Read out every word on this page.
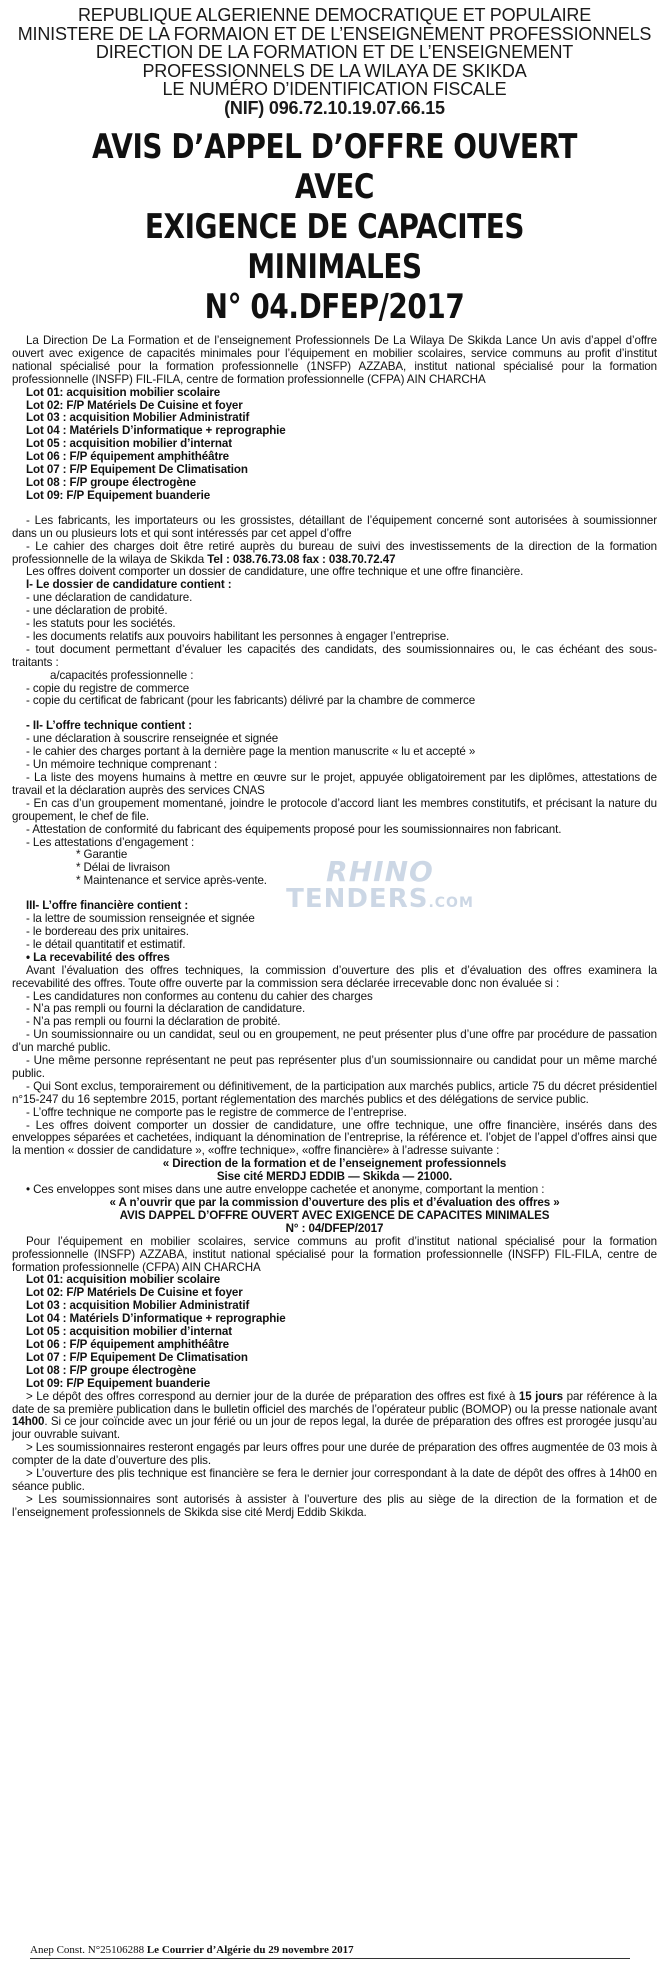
REPUBLIQUE ALGERIENNE DEMOCRATIQUE ET POPULAIRE
MINISTERE DE LA FORMAION ET DE L’ENSEIGNEMENT PROFESSIONNELS
DIRECTION DE LA FORMATION ET DE L’ENSEIGNEMENT
PROFESSIONNELS DE LA WILAYA DE SKIKDA
LE NUMÉRO D’IDENTIFICATION FISCALE
(NIF) 096.72.10.19.07.66.15
AVIS D’APPEL D’OFFRE OUVERT AVEC
EXIGENCE DE CAPACITES MINIMALES
N° 04.DFEP/2017

La Direction De La Formation et de l’enseignement Professionnels De La Wilaya De Skikda Lance Un avis d’appel d’offre ouvert avec exigence de capacités minimales pour l’équipement en mobilier scolaires, service communs au profit d’institut national spécialisé pour la formation professionnelle (1NSFP) AZZABA, institut national spécialisé pour la formation professionnelle (INSFP) FIL-FILA, centre de formation professionnelle (CFPA) AIN CHARCHA

Lot 01: acquisition mobilier scolaire
Lot 02: F/P Matériels De Cuisine et foyer
Lot 03 : acquisition Mobilier Administratif
Lot 04 : Matériels D’informatique + reprographie
Lot 05 : acquisition mobilier d’internat
Lot 06 : F/P équipement amphithéâtre
Lot 07 : F/P Equipement De Climatisation
Lot 08 : F/P groupe électrogène
Lot 09: F/P Equipement buanderie

- Les fabricants, les importateurs ou les grossistes, détaillant de l’équipement concerné sont autorisées à soumissionner dans un ou plusieurs lots et qui sont intéressés par cet appel d’offre

- Le cahier des charges doit être retiré auprès du bureau de suivi des investissements de la direction de la formation professionnelle de la wilaya de Skikda Tel : 038.76.73.08 fax : 038.70.72.47

Les offres doivent comporter un dossier de candidature, une offre technique et une offre financière.

I- Le dossier de candidature contient :

- une déclaration de candidature.

- une déclaration de probité.

- les statuts pour les sociétés.

- les documents relatifs aux pouvoirs habilitant les personnes à engager l’entreprise.

- tout document permettant d’évaluer les capacités des candidats, des soumissionnaires ou, le cas échéant des sous-traitants :

a/capacités professionnelle :

- copie du registre de commerce

- copie du certificat de fabricant (pour les fabricants) délivré par la chambre de commerce

- II- L’offre technique contient :

- une déclaration à souscrire renseignée et signée

- le cahier des charges portant à la dernière page la mention manuscrite « lu et accepté »

- Un mémoire technique comprenant :

- La liste des moyens humains à mettre en œuvre sur le projet, appuyée obligatoirement par les diplômes, attestations de travail et la déclaration auprès des services CNAS

- En cas d’un groupement momentané, joindre le protocole d’accord liant les membres constitutifs, et précisant la nature du groupement, le chef de file.

- Attestation de conformité du fabricant des équipements proposé pour les soumissionnaires non fabricant.

- Les attestations d’engagement :

* Garantie

* Délai de livraison

* Maintenance et service après-vente.

III- L’offre financière contient :

- la lettre de soumission renseignée et signée

- le bordereau des prix unitaires.

- le détail quantitatif et estimatif.

• La recevabilité des offres

Avant l’évaluation des offres techniques, la commission d’ouverture des plis et d’évaluation des offres examinera la recevabilité des offres. Toute offre ouverte par la commission sera déclarée irrecevable donc non évaluée si :

- Les candidatures non conformes au contenu du cahier des charges

- N’a pas rempli ou fourni la déclaration de candidature.

- N’a pas rempli ou fourni la déclaration de probité.

- Un soumissionnaire ou un candidat, seul ou en groupement, ne peut présenter plus d’une offre par procédure de passation d’un marché public.

- Une même personne représentant ne peut pas représenter plus d’un soumissionnaire ou candidat pour un même marché public.

- Qui Sont exclus, temporairement ou définitivement, de la participation aux marchés publics, article 75 du décret présidentiel n°15-247 du 16 septembre 2015, portant réglementation des marchés publics et des délégations de service public.

- L’offre technique ne comporte pas le registre de commerce de l’entreprise.

- Les offres doivent comporter un dossier de candidature, une offre technique, une offre financière, insérés dans des enveloppes séparées et cachetées, indiquant la dénomination de l’entreprise, la référence et. l’objet de l’appel d’offres ainsi que la mention « dossier de candidature », «offre technique», «offre financière» à l’adresse suivante :

« Direction de la formation et de l’enseignement professionnels

Sise cité MERDJ EDDIB — Skikda — 21000.

• Ces enveloppes sont mises dans une autre enveloppe cachetée et anonyme, comportant la mention :

« A n’ouvrir que par la commission d’ouverture des plis et d’évaluation des offres »

AVIS DAPPEL D’OFFRE OUVERT AVEC EXIGENCE DE CAPACITES MINIMALES

N° : 04/DFEP/2017

Pour l’équipement en mobilier scolaires, service communs au profit d’institut national spécialisé pour la formation professionnelle (INSFP) AZZABA, institut national spécialisé pour la formation professionnelle (INSFP) FIL-FILA, centre de formation professionnelle (CFPA) AIN CHARCHA

Lot 01: acquisition mobilier scolaire
Lot 02: F/P Matériels De Cuisine et foyer
Lot 03 : acquisition Mobilier Administratif
Lot 04 : Matériels D’informatique + reprographie
Lot 05 : acquisition mobilier d’internat
Lot 06 : F/P équipement amphithéâtre
Lot 07 : F/P Equipement De Climatisation
Lot 08 : F/P groupe électrogène
Lot 09: F/P Equipement buanderie

> Le dépôt des offres correspond au dernier jour de la durée de préparation des offres est fixé à 15 jours par référence à la date de sa première publication dans le bulletin officiel des marchés de l’opérateur public (BOMOP) ou la presse nationale avant 14h00. Si ce jour coïncide avec un jour férié ou un jour de repos legal, la durée de préparation des offres est prorogée jusqu’au jour ouvrable suivant.

> Les soumissionnaires resteront engagés par leurs offres pour une durée de préparation des offres augmentée de 03 mois à compter de la date d’ouverture des plis.

> L’ouverture des plis technique est financière se fera le dernier jour correspondant à la date de dépôt des offres à 14h00 en séance public.

> Les soumissionnaires sont autorisés à assister à l’ouverture des plis au siège de la direction de la formation et de l’enseignement professionnels de Skikda sise cité Merdj Eddib Skikda.

RHINO
TENDERS.COM
Anep Const. N°25106288 Le Courrier d’Algérie du 29 novembre 2017
